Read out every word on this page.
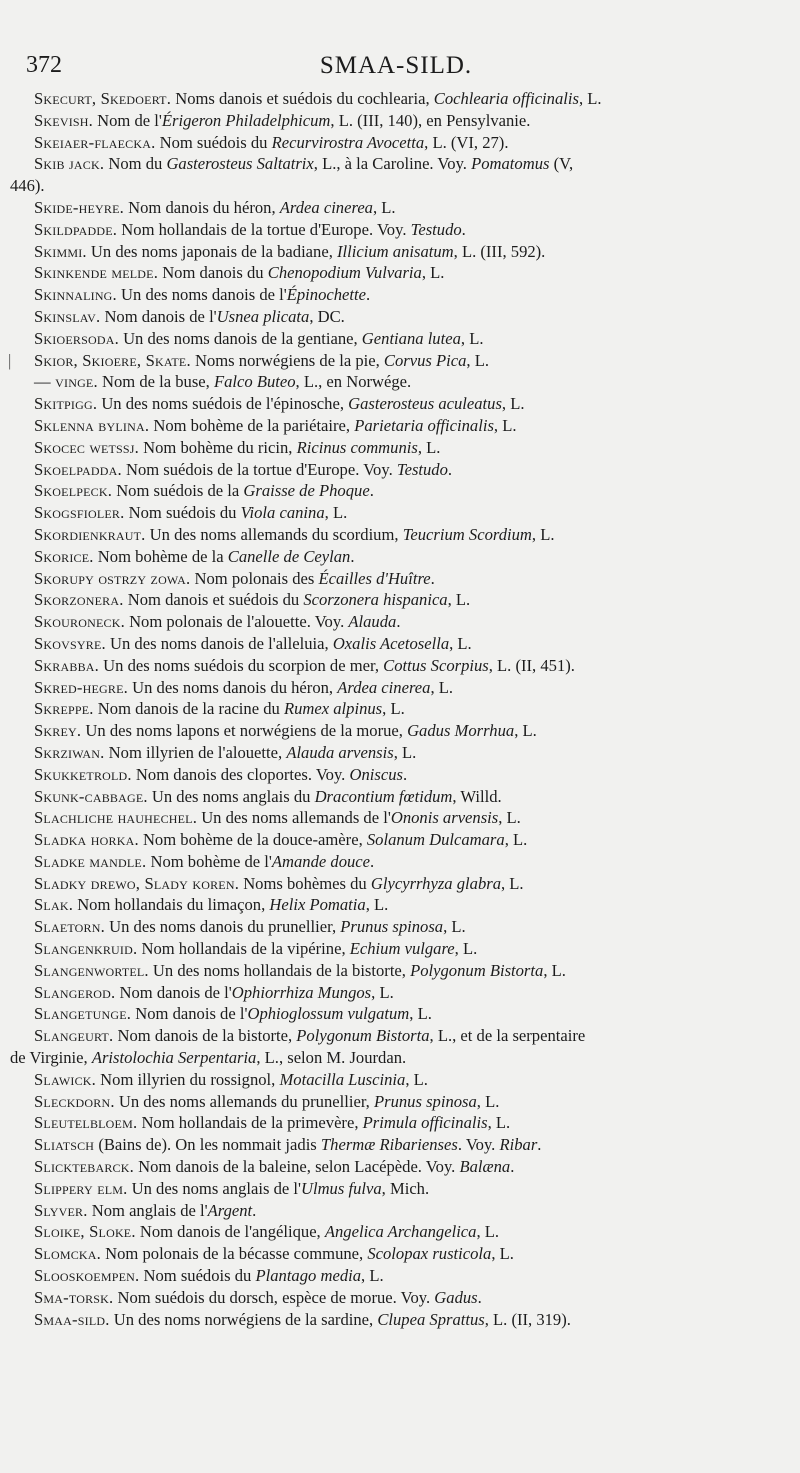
372	SMAA-SILD.
Skecurt, Skedoert. Noms danois et suédois du cochlearia, Cochlearia officinalis, L.
Skevish. Nom de l'Érigeron Philadelphicum, L. (III, 140), en Pensylvanie.
Skeiaer-flaecka. Nom suédois du Recurvirostra Avocetta, L. (VI, 27).
Skib jack. Nom du Gasterosteus Saltatrix, L., à la Caroline. Voy. Pomatomus (V,
446).
Skide-heyre. Nom danois du héron, Ardea cinerea, L.
Skildpadde. Nom hollandais de la tortue d'Europe. Voy. Testudo.
Skimmi. Un des noms japonais de la badiane, Illicium anisatum, L. (III, 592).
Skinkende melde. Nom danois du Chenopodium Vulvaria, L.
Skinnaling. Un des noms danois de l'Épinochette.
Skinslav. Nom danois de l'Usnea plicata, DC.
Skioersoda. Un des noms danois de la gentiane, Gentiana lutea, L.
| Skior, Skioere, Skate. Noms norwégiens de la pie, Corvus Pica, L.
— vinge. Nom de la buse, Falco Buteo, L., en Norwége.
Skitpigg. Un des noms suédois de l'épinosche, Gasterosteus aculeatus, L.
Sklenna bylina. Nom bohème de la pariétaire, Parietaria officinalis, L.
Skocec wetssj. Nom bohème du ricin, Ricinus communis, L.
Skoelpadda. Nom suédois de la tortue d'Europe. Voy. Testudo.
Skoelpeck. Nom suédois de la Graisse de Phoque.
Skogsfioler. Nom suédois du Viola canina, L.
Skordienkraut. Un des noms allemands du scordium, Teucrium Scordium, L.
Skorice. Nom bohème de la Canelle de Ceylan.
Skorupy ostrzy zowa. Nom polonais des Écailles d'Huître.
Skorzonera. Nom danois et suédois du Scorzonera hispanica, L.
Skouroneck. Nom polonais de l'alouette. Voy. Alauda.
Skovsyre. Un des noms danois de l'alleluia, Oxalis Acetosella, L.
Skrabba. Un des noms suédois du scorpion de mer, Cottus Scorpius, L. (II, 451).
Skred-hegre. Un des noms danois du héron, Ardea cinerea, L.
Skreppe. Nom danois de la racine du Rumex alpinus, L.
Skrey. Un des noms lapons et norwégiens de la morue, Gadus Morrhua, L.
Skrziwan. Nom illyrien de l'alouette, Alauda arvensis, L.
Skukketrold. Nom danois des cloportes. Voy. Oniscus.
Skunk-cabbage. Un des noms anglais du Dracontium fœtidum, Willd.
Slachliche hauhechel. Un des noms allemands de l'Ononis arvensis, L.
Sladka horka. Nom bohème de la douce-amère, Solanum Dulcamara, L.
Sladke mandle. Nom bohème de l'Amande douce.
Sladky drewo, Slady koren. Noms bohèmes du Glycyrrhyza glabra, L.
Slak. Nom hollandais du limaçon, Helix Pomatia, L.
Slaetorn. Un des noms danois du prunellier, Prunus spinosa, L.
Slangenkruid. Nom hollandais de la vipérine, Echium vulgare, L.
Slangenwortel. Un des noms hollandais de la bistorte, Polygonum Bistorta, L.
Slangerod. Nom danois de l'Ophiorrhiza Mungos, L.
Slangetunge. Nom danois de l'Ophioglossum vulgatum, L.
Slangeurt. Nom danois de la bistorte, Polygonum Bistorta, L., et de la serpentaire
de Virginie, Aristolochia Serpentaria, L., selon M. Jourdan.
Slawick. Nom illyrien du rossignol, Motacilla Luscinia, L.
Sleckdorn. Un des noms allemands du prunellier, Prunus spinosa, L.
Sleutelbloem. Nom hollandais de la primevère, Primula officinalis, L.
Sliatsch (Bains de). On les nommait jadis Thermæ Ribarienses. Voy. Ribar.
Slicktebarck. Nom danois de la baleine, selon Lacépède. Voy. Balæna.
Slippery elm. Un des noms anglais de l'Ulmus fulva, Mich.
Slyver. Nom anglais de l'Argent.
Sloike, Sloke. Nom danois de l'angélique, Angelica Archangelica, L.
Slomcka. Nom polonais de la bécasse commune, Scolopax rusticola, L.
Slooskoempen. Nom suédois du Plantago media, L.
Sma-torsk. Nom suédois du dorsch, espèce de morue. Voy. Gadus.
Smaa-sild. Un des noms norwégiens de la sardine, Clupea Sprattus, L. (II, 319).
